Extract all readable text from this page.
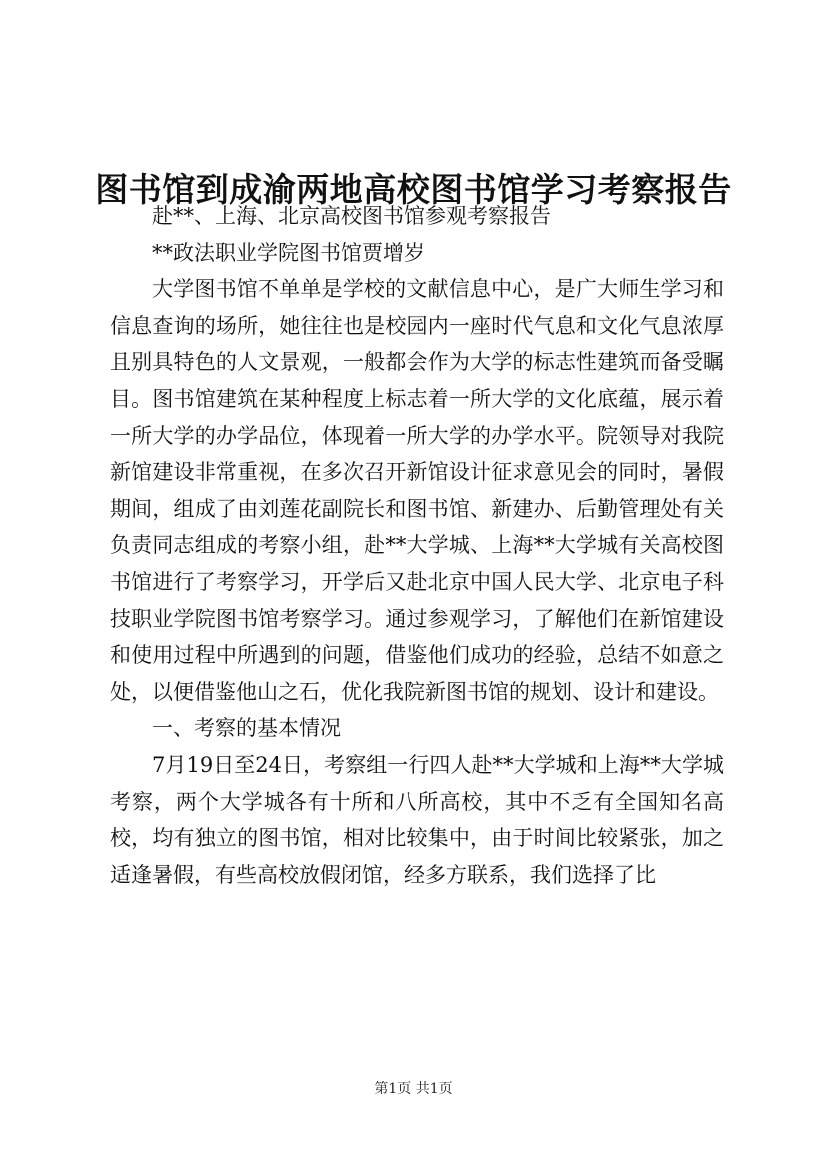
图书馆到成渝两地高校图书馆学习考察报告

赴**、上海、北京高校图书馆参观考察报告

**政法职业学院图书馆贾增岁

大学图书馆不单单是学校的文献信息中心，是广大师生学习和信息查询的场所，她往往也是校园内一座时代气息和文化气息浓厚且别具特色的人文景观，一般都会作为大学的标志性建筑而备受瞩目。图书馆建筑在某种程度上标志着一所大学的文化底蕴，展示着一所大学的办学品位，体现着一所大学的办学水平。院领导对我院新馆建设非常重视，在多次召开新馆设计征求意见会的同时，暑假期间，组成了由刘莲花副院长和图书馆、新建办、后勤管理处有关负责同志组成的考察小组，赴**大学城、上海**大学城有关高校图书馆进行了考察学习，开学后又赴北京中国人民大学、北京电子科技职业学院图书馆考察学习。通过参观学习，了解他们在新馆建设和使用过程中所遇到的问题，借鉴他们成功的经验，总结不如意之处，以便借鉴他山之石，优化我院新图书馆的规划、设计和建设。

一、考察的基本情况

7月19日至24日，考察组一行四人赴**大学城和上海**大学城考察，两个大学城各有十所和八所高校，其中不乏有全国知名高校，均有独立的图书馆，相对比较集中，由于时间比较紧张，加之适逢暑假，有些高校放假闭馆，经多方联系，我们选择了比

第1页 共1页
